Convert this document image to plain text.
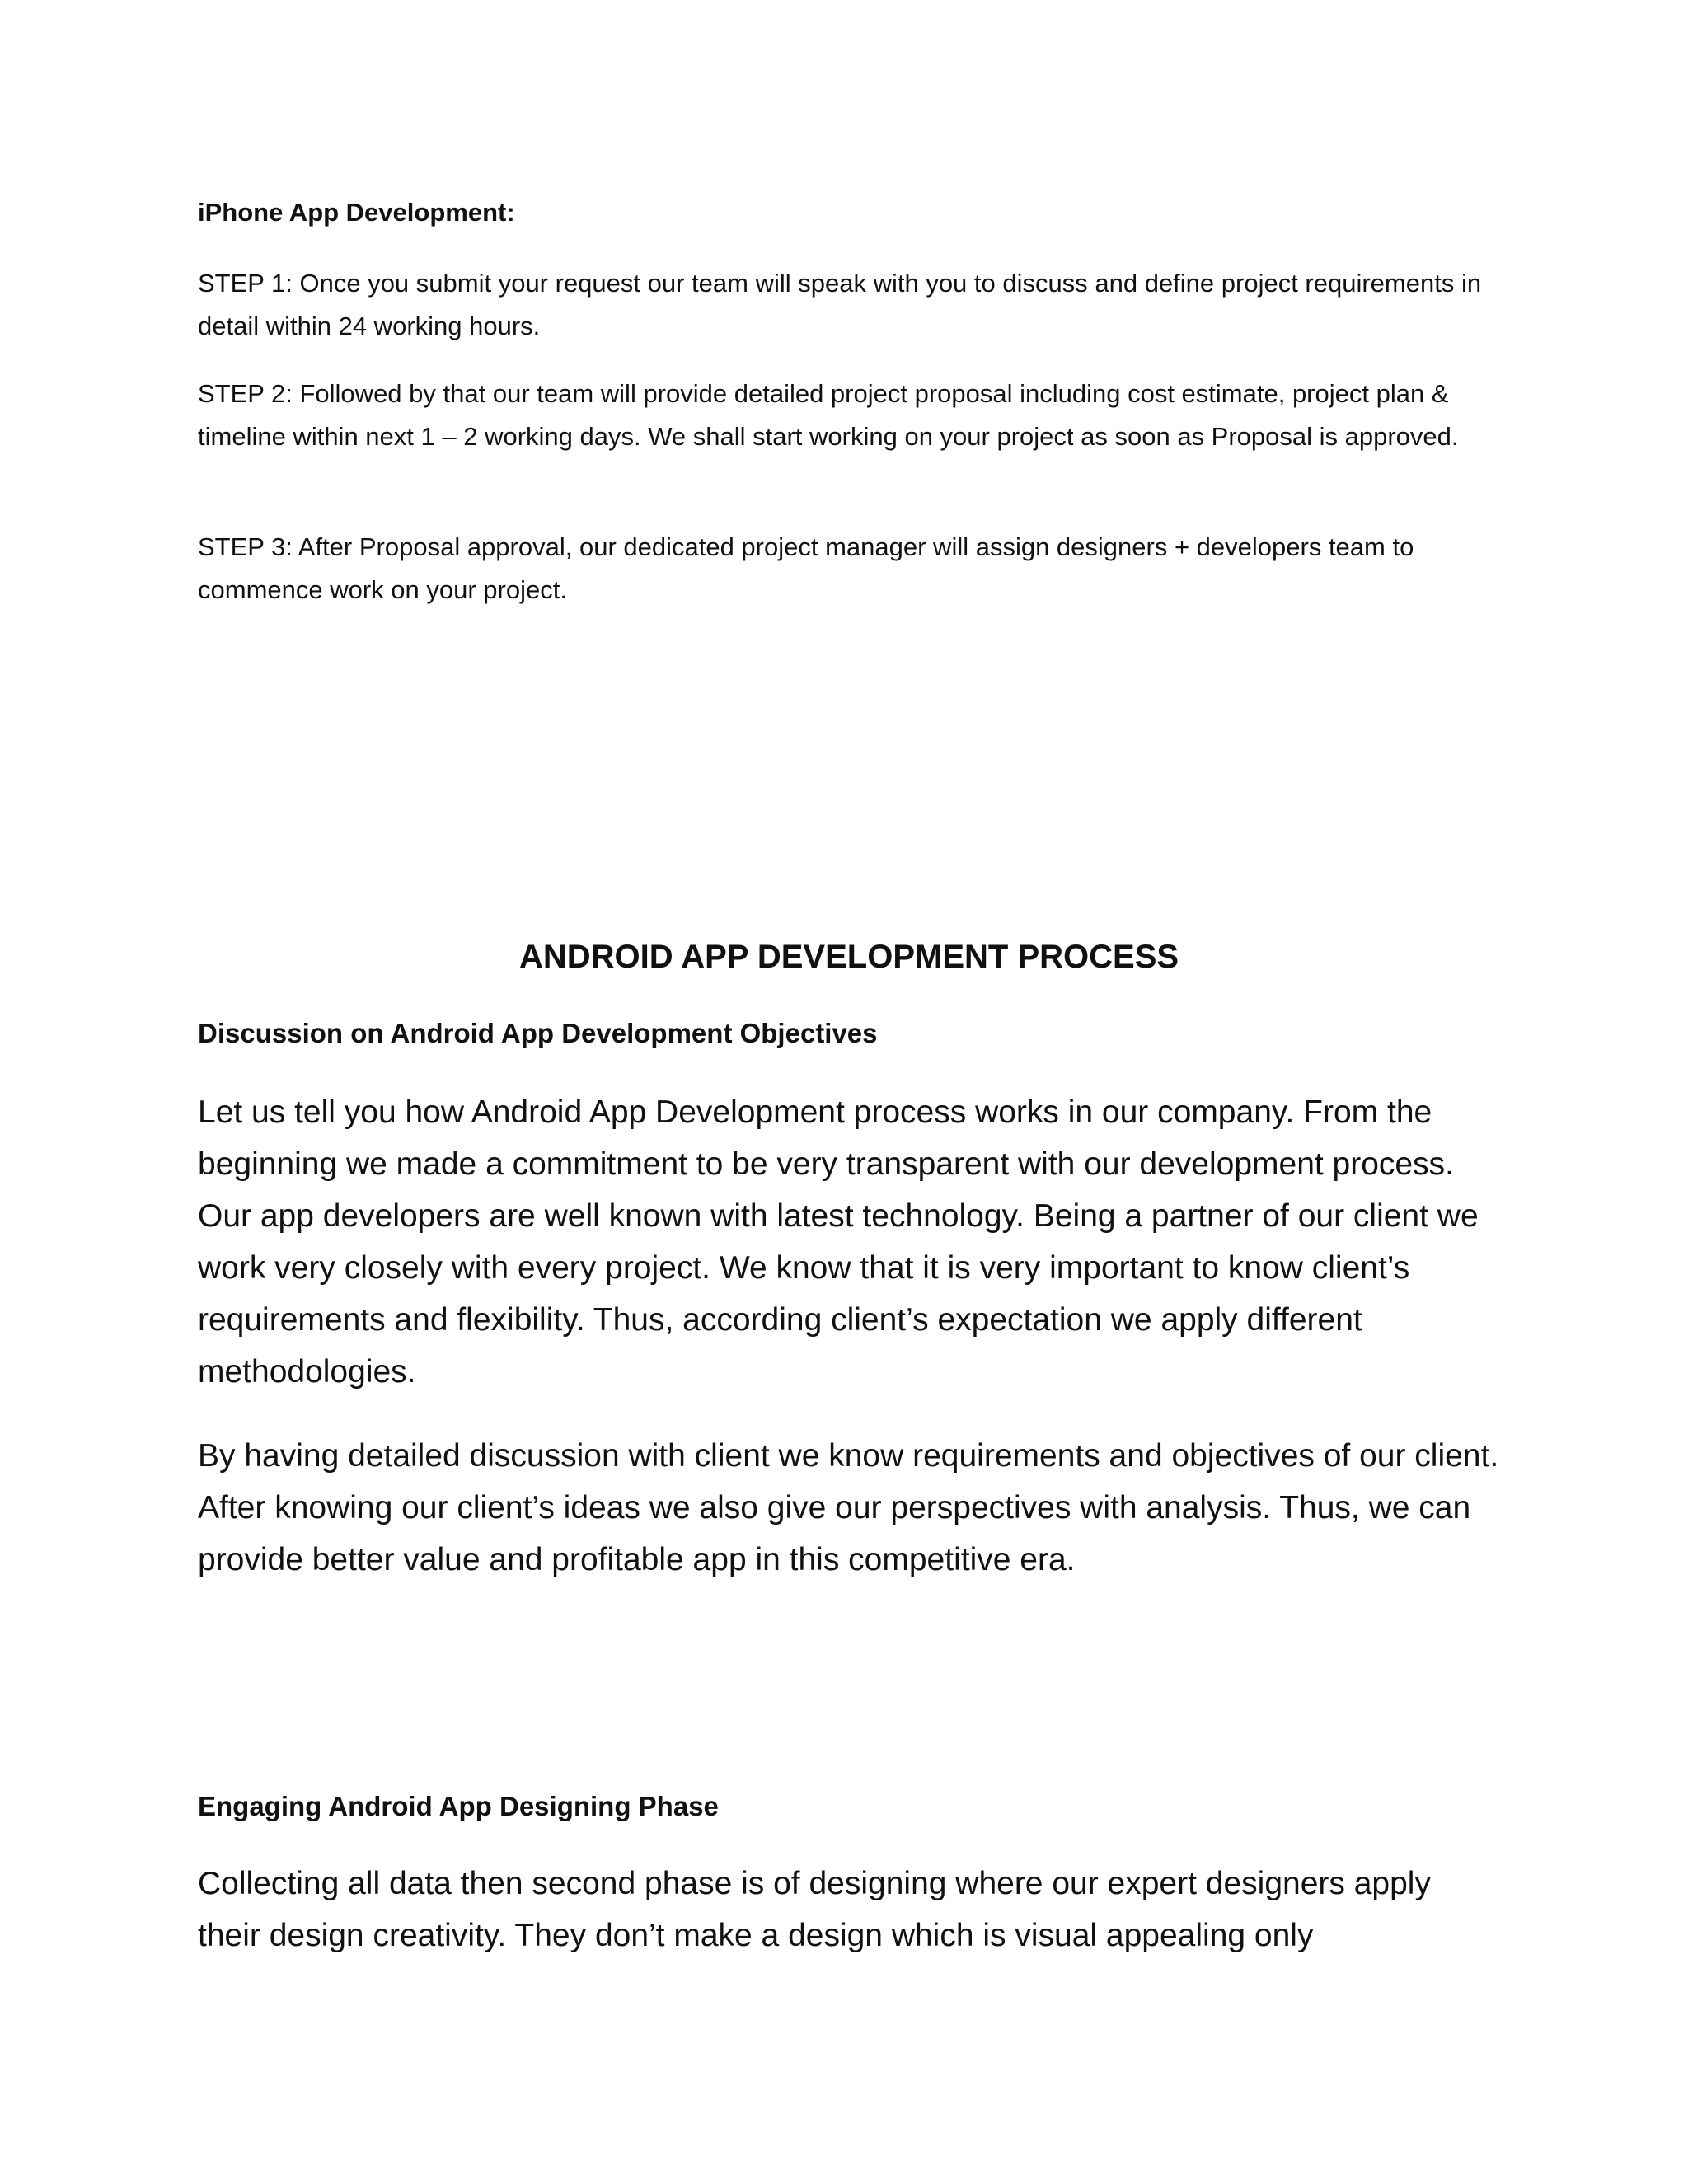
iPhone App Development:

STEP 1: Once you submit your request our team will speak with you to discuss and define project requirements in detail within 24 working hours.

STEP 2: Followed by that our team will provide detailed project proposal including cost estimate, project plan & timeline within next 1 – 2 working days. We shall start working on your project as soon as Proposal is approved.

STEP 3: After Proposal approval, our dedicated project manager will assign designers + developers team to commence work on your project.

ANDROID APP DEVELOPMENT PROCESS

Discussion on Android App Development Objectives

Let us tell you how Android App Development process works in our company. From the beginning we made a commitment to be very transparent with our development process. Our app developers are well known with latest technology. Being a partner of our client we work very closely with every project. We know that it is very important to know client’s requirements and flexibility. Thus, according client’s expectation we apply different methodologies.

By having detailed discussion with client we know requirements and objectives of our client. After knowing our client’s ideas we also give our perspectives with analysis. Thus, we can provide better value and profitable app in this competitive era.

Engaging Android App Designing Phase

Collecting all data then second phase is of designing where our expert designers apply their design creativity. They don’t make a design which is visual appealing only
